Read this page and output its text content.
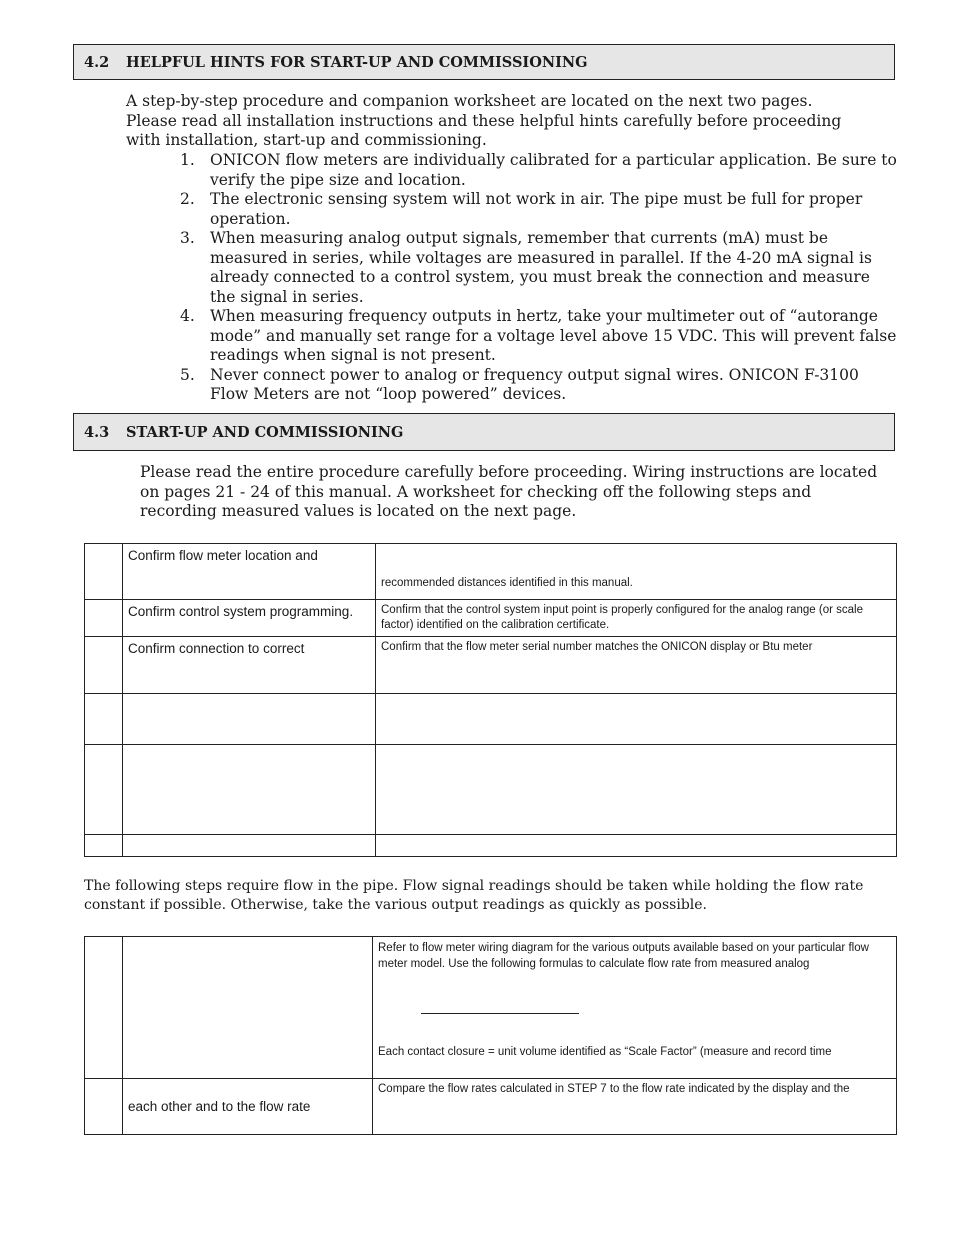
4.2	HELPFUL HINTS FOR START-UP AND COMMISSIONING
A step-by-step procedure and companion worksheet are located on the next two pages. Please read all installation instructions and these helpful hints carefully before proceeding with installation, start-up and commissioning.
1. ONICON flow meters are individually calibrated for a particular application. Be sure to verify the pipe size and location.
2. The electronic sensing system will not work in air. The pipe must be full for proper operation.
3. When measuring analog output signals, remember that currents (mA) must be measured in series, while voltages are measured in parallel. If the 4-20 mA signal is already connected to a control system, you must break the connection and measure the signal in series.
4. When measuring frequency outputs in hertz, take your multimeter out of “autorange mode” and manually set range for a voltage level above 15 VDC. This will prevent false readings when signal is not present.
5. Never connect power to analog or frequency output signal wires. ONICON F-3100 Flow Meters are not “loop powered” devices.
4.3	START-UP AND COMMISSIONING
Please read the entire procedure carefully before proceeding. Wiring instructions are located on pages 21 - 24 of this manual. A worksheet for checking off the following steps and recording measured values is located on the next page.
	Confirm flow meter location and	recommended distances identified in this manual.

	Confirm control system programming.	Confirm that the control system input point is properly configured for the analog range (or scale factor) identified on the calibration certificate.
	Confirm connection to correct	Confirm that the flow meter serial number matches the ONICON display or Btu meter

The following steps require flow in the pipe. Flow signal readings should be taken while holding the flow rate constant if possible. Otherwise, take the various output readings as quickly as possible.

		Refer to flow meter wiring diagram for the various outputs available based on your particular flow meter model. Use the following formulas to calculate flow rate from measured analog
Each contact closure = unit volume identified as “Scale Factor” (measure and record time

	each other and to the flow rate	Compare the flow rates calculated in STEP 7 to the flow rate indicated by the display and the
